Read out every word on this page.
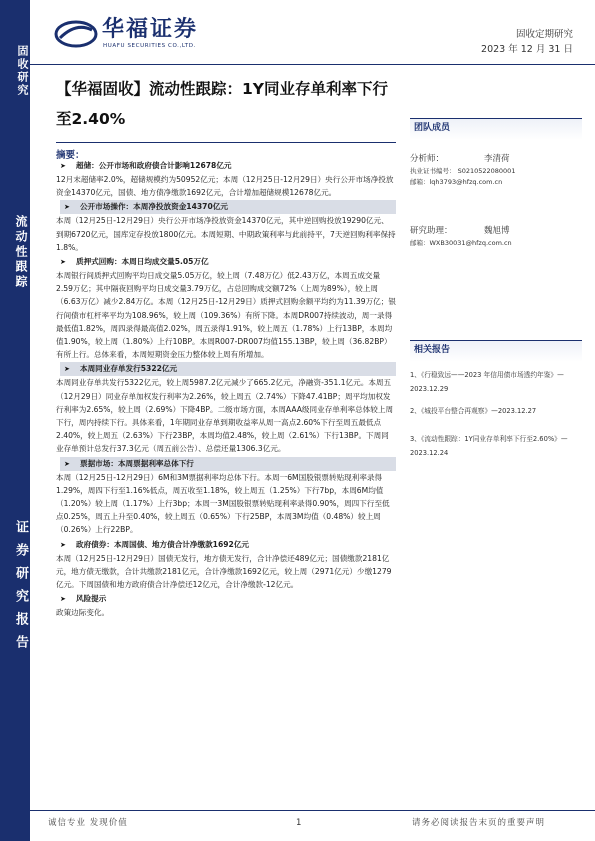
固收研究
流动性跟踪
证券研究报告
华福证券
HUAFU SECURITIES CO.,LTD.
固收定期研究
2023 年 12 月 31 日
【华福固收】流动性跟踪：1Y同业存单利率下行至2.40%	团队成员
分析师：	李清荷
执业证书编号： S0210522080001
邮箱：lqh3793@hfzq.com.cn
研究助理：	魏旭博
邮箱：WXB30031@hfzq.com.cn
相关报告
1、《行稳致远——2023 年信用债市场透约年鉴》—2023.12.29
2、《城投平台整合再观察》—2023.12.27
3、《流动性跟踪：1Y同业存单利率下行至2.60%》—2023.12.24
摘要：
➤	超储：公开市场和政府债合计影响12678亿元
12月末超储率2.0%，超储规模约为50952亿元；本周（12月25日-12月29日）央行公开市场净投放资金14370亿元，国债、地方债净缴款1692亿元，合计增加超储规模12678亿元。
➤	公开市场操作：本周净投放资金14370亿元
本周（12月25日-12月29日）央行公开市场净投放资金14370亿元，其中逆回购投放19290亿元、到期6720亿元，国库定存投放1800亿元。本周短期、中期政策利率与此前持平，7天逆回购利率保持1.8%。
➤	质押式回购：本周日均成交量5.05万亿
本周银行间质押式回购平均日成交量5.05万亿，较上周（7.48万亿）低2.43万亿，本周五成交量2.59万亿；其中隔夜回购平均日成交量3.79万亿，占总回购成交额72%（上周为89%），较上周（6.63万亿）减少2.84万亿。本周（12月25日-12月29日）质押式回购余额平均约为11.39万亿；银行间债市杠杆率平均为108.96%，较上周（109.36%）有所下降。本周DR007持续波动，周一录得最低值1.82%，周四录得最高值2.02%，周五录得1.91%，较上周五（1.78%）上行13BP，本周均值1.90%，较上周（1.80%）上行10BP。本周R007-DR007均值155.13BP，较上周（36.82BP）有所上行。总体来看，本周短期资金压力整体较上周有所增加。
➤	本周同业存单发行5322亿元
本周同业存单共发行5322亿元，较上周5987.2亿元减少了665.2亿元，净融资-351.1亿元。本周五（12月29日）同业存单加权发行利率为2.26%，较上周五（2.74%）下降47.41BP；周平均加权发行利率为2.65%，较上周（2.69%）下降4BP。二级市场方面，本周AAA级同业存单利率总体较上周下行，周内持续下行。具体来看，1年期同业存单到期收益率从周一高点2.60%下行至周五最低点2.40%，较上周五（2.63%）下行23BP，本周均值2.48%，较上周（2.61%）下行13BP。下周同业存单预计总发行37.3亿元（周五前公告）、总偿还量1306.3亿元。
➤	票据市场：本周票据利率总体下行
本周（12月25日-12月29日）6M和3M票据利率均总体下行。本周一6M国股银票转贴现利率录得1.29%，周四下行至1.16%低点，周五收至1.18%，较上周五（1.25%）下行7bp，本周6M均值（1.20%）较上周（1.17%）上行3bp；本周一3M国股银票转贴现利率录得0.90%，周四下行至低点0.25%，周五上升至0.40%，较上周五（0.65%）下行25BP，本周3M均值（0.48%）较上周（0.26%）上行22BP。
➤	政府债券：本周国债、地方债合计净缴款1692亿元
本周（12月25日-12月29日）国债无发行，地方债无发行，合计净偿还489亿元；国债缴款2181亿元，地方债无缴款，合计共缴款2181亿元，合计净缴款1692亿元，较上周（2971亿元）少缴1279亿元。下周国债和地方政府债合计净偿还12亿元，合计净缴款-12亿元。
➤	风险提示
政策边际变化。
诚信专业 发现价值	1	请务必阅读报告末页的重要声明
